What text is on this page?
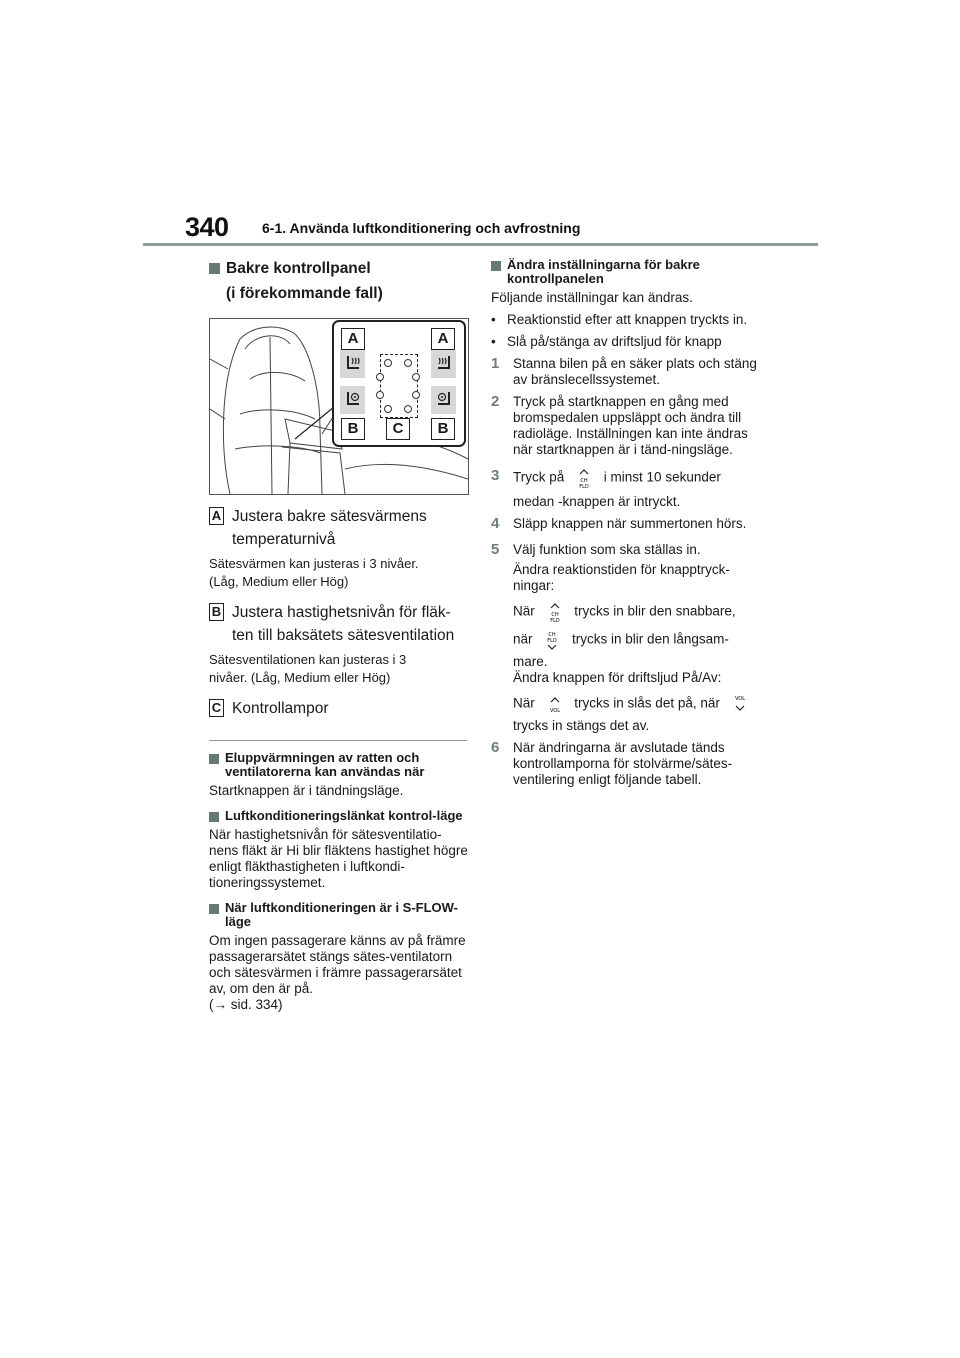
340 6-1. Använda luftkonditionering och avfrostning
Bakre kontrollpanel
(i förekommande fall)
A	A
B	C	B
A Justera bakre sätesvärmens
temperaturnivå
Sätesvärmen kan justeras i 3 nivåer.
(Låg, Medium eller Hög)
B Justera hastighetsnivån för fläk-
ten till baksätets sätesventilation
Sätesventilationen kan justeras i 3
nivåer. (Låg, Medium eller Hög)
C Kontrollampor
Eluppvärmningen av ratten och ventilatorerna kan användas när
Startknappen är i tändningsläge.
Luftkonditioneringslänkat kontrol-läge
När hastighetsnivån för sätesventilatio-nens fläkt är Hi blir fläktens hastighet högre enligt fläkthastigheten i luftkondi-tioneringssystemet.
När luftkonditioneringen är i S-FLOW-läge
Om ingen passagerare känns av på främre passagerarsätet stängs sätes-ventilatorn och sätesvärmen i främre passagerarsätet av, om den är på.
(→ sid. 334)
Ändra inställningarna för bakre kontrollpanelen
Följande inställningar kan ändras.
• Reaktionstid efter att knappen tryckts in.
• Slå på/stänga av driftsljud för knapp
1	Stanna bilen på en säker plats och stäng av bränslecellssystemet.
2	Tryck på startknappen en gång med bromspedalen uppsläppt och ändra till radioläge. Inställningen kan inte ändras när startknappen är i tänd-ningsläge.
3	Tryck på	CH
FLD
i minst 10 sekunder
medan -knappen är intryckt.
4	Släpp knappen när summertonen hörs.
5	Välj funktion som ska ställas in.
Ändra reaktionstiden för knapptryck-ningar:
När	CH
FLD
trycks in blir den snabbare,
när	CH
FLD trycks in blir den långsam-
mare.
Ändra knappen för driftsljud På/Av:
När
VOL
trycks in slås det på, när	VOL
trycks in stängs det av.
6	När ändringarna är avslutade tänds kontrollamporna för stolvärme/sätes-ventilering enligt följande tabell.
